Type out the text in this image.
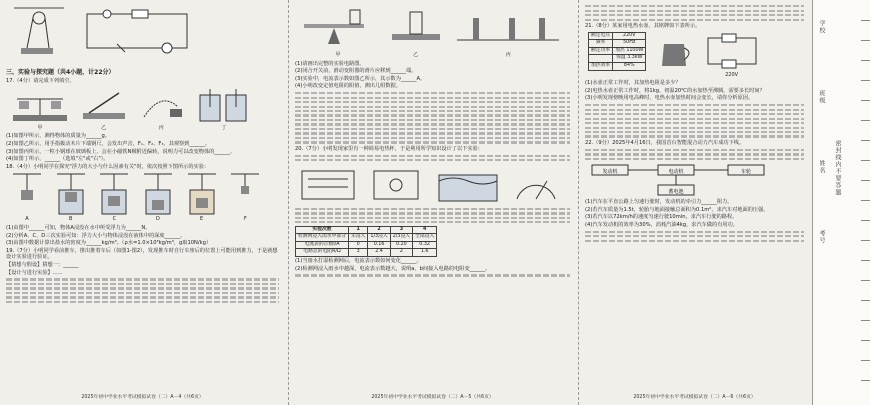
三、实验与探究题（共4小题，计22分）
17.（4分）请完成下列填空。
甲
	乙
	丙
	丁
(1)如图甲所示，测得物体的质量为______g。
(2)如图乙所示，用手指拨动木片下端钢尺，会发出声音，F₁、F₂、F₃，其观察到______。
(3)如图丙所示，一粒小钢球在玻璃板上，会在小磁铁N极附近偏转，说明力可以改变物体的______。
(4)如图丁所示，______（选填"左"或"右"）。
18.（4分）小明同学在探究"浮力的大小与什么因素有关"时，依次按照下图所示的实验：
A
	B
	C
	D
	E
	F
(1)由图中______可知，物体A浸没在水中所受浮力为______N。
(2)分析A、C、D三次实验可知：浮力大小与物体浸没在液体中的深度______。
(3)由图中数据计算出盐水的密度为______kg/m³。（ρ水=1.0×10³kg/m³，g取10N/kg）
19.（7分）小明同学看前推车，推出推着车后（如图1-图2），发现推车时自行车座后的位置上可能用到推力，于是就想设计实验进行验证。
【猜想与假设】猜想一：______
【设计与进行实验】......
2025年初中学业水平考试模拟试卷（二）A－4（共6页）
甲
	乙
	丙
(1)请画出完整的实验电路图。
(2)闭合开关前，滑动变阻器的滑片应移到______端。
(3)实验中，电流表示数如图乙所示，其示数为______A。
(4)小明改变定值电阻的阻值，测出几组数据。
20.（7分）小明发现家里有一种简易电热杯，于是利用所学知识设计了以下实验：

实验次数	1	2	3	4
检测网浸入雨水中部分	未浸入	1/3浸入	2/3浸入	全部浸入
电流表的示数I/A	0	0.16	0.20	0.32
电路总的电阻R/Ω	3	2.4	2	1.6
(1)当雨水打湿检测网后，电流表示数如何变化______。
(2)检测网浸入雨水中越深，电流表示数越大，说明a、b间接入电路的电阻变______。
2025年初中学业水平考试模拟试卷（二）A－5（共6页）
21.（8分）某家用电热水壶，其铭牌如下表所示。
额定电压	220V
频率	50Hz
额定功率	加热 1100W
	保温 3.3kW
加热效率	84%

220V
(1)水壶正常工作时，其加热电阻是多少？
(2)电热水壶正常工作时，将1kg、初温20℃的水加热至沸腾，需要多长时间？
(3)小明发现傍晚用电高峰时，电热水壶加热时间会变长，请你分析原因。
22.（9分）2025年4月16日，我国首台智能混合动力汽车成功下线。
发动机	电动机	车轮
蓄电池
(1)汽车在平直公路上匀速行驶时，发动机的牵引力______阻力。
(2)若汽车质量为1.5t，轮胎与地面接触总面积为0.1m²，求汽车对地面的压强。
(3)若汽车以72km/h的速度匀速行驶10min，求汽车行驶的路程。
(4)汽车发动机的效率为30%，消耗汽油4kg，求汽车做的有用功。
2025年初中学业水平考试模拟试卷（二）A－6（共6页）
学校
班级
姓名
考号
密封线内不要答题
